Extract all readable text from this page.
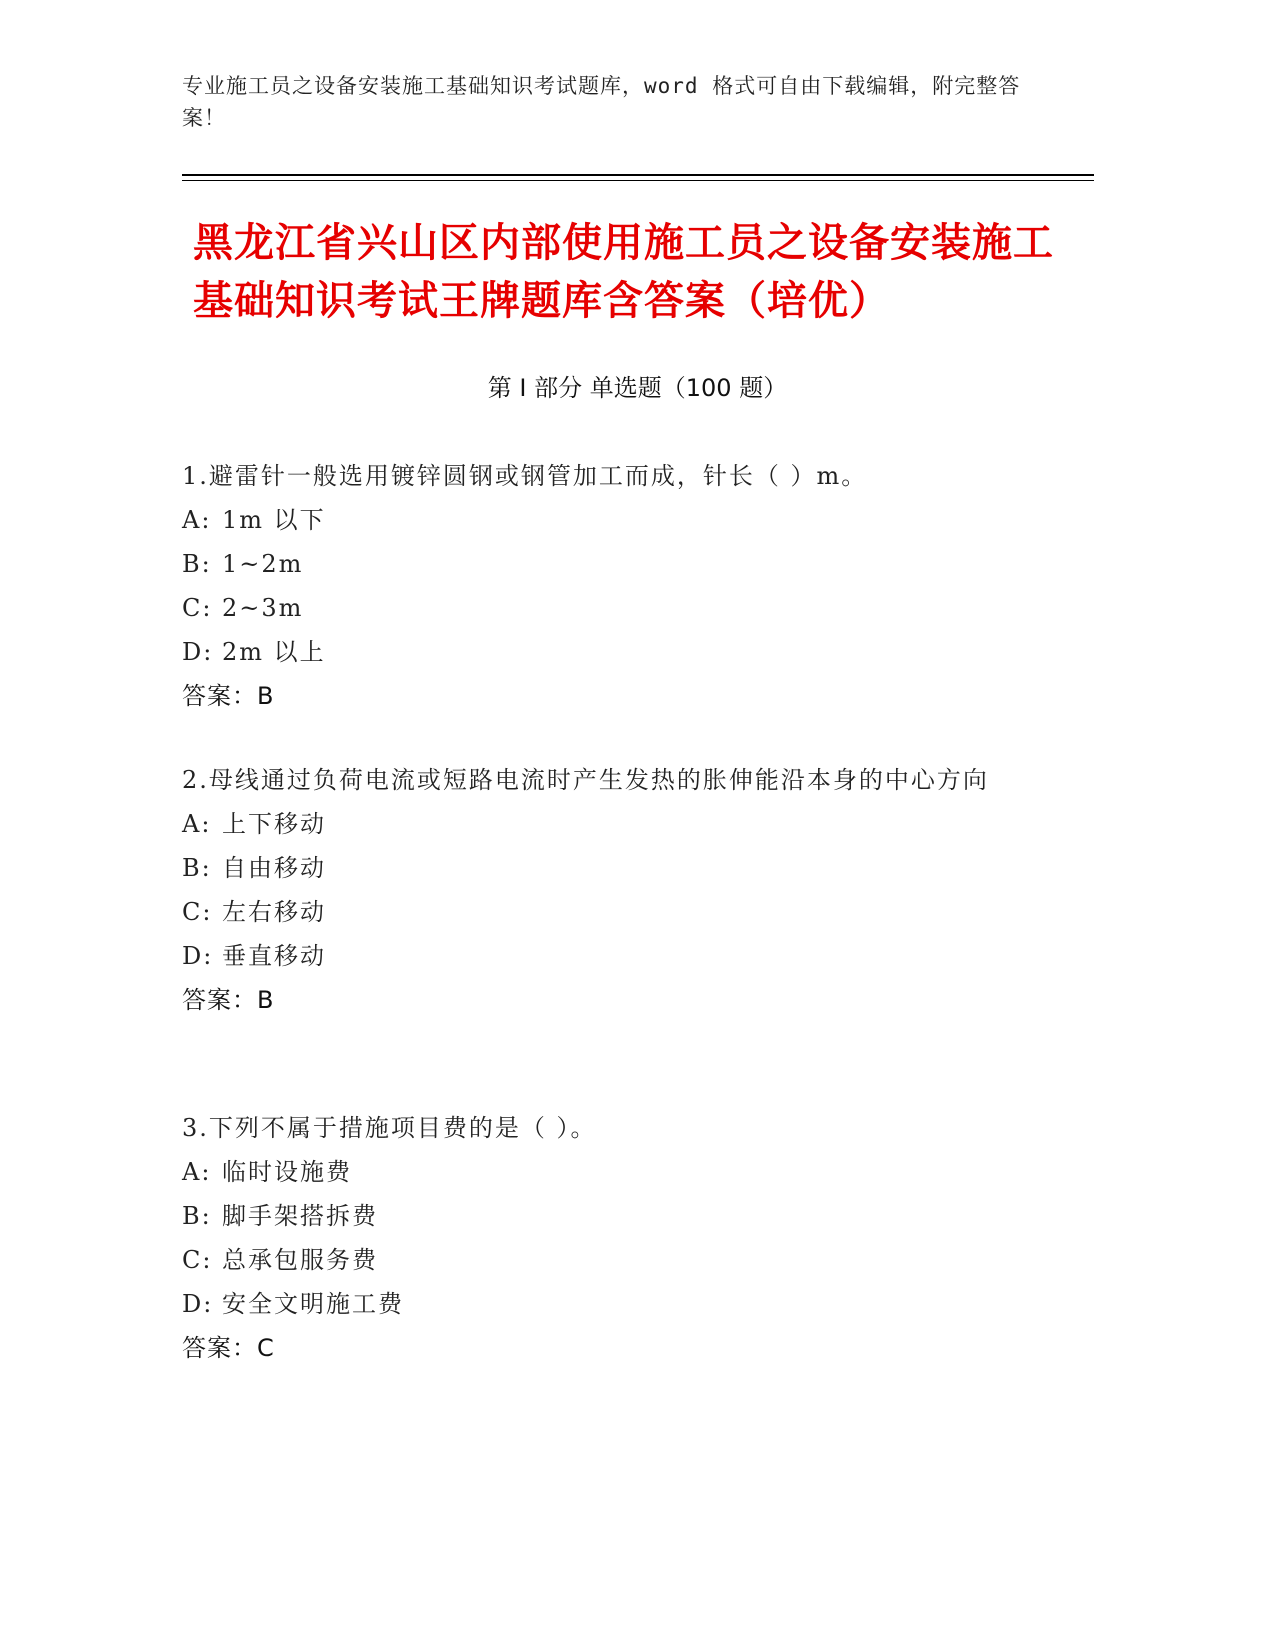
专业施工员之设备安装施工基础知识考试题库，word 格式可自由下载编辑，附完整答案！
黑龙江省兴山区内部使用施工员之设备安装施工基础知识考试王牌题库含答案（培优）
第 I 部分 单选题（100 题）

1.避雷针一般选用镀锌圆钢或钢管加工而成，针长（ ）m。

A: 1m 以下

B: 1~2m

C: 2~3m

D: 2m 以上

答案：B

2.母线通过负荷电流或短路电流时产生发热的胀伸能沿本身的中心方向

A: 上下移动

B: 自由移动

C: 左右移动

D: 垂直移动

答案：B

3.下列不属于措施项目费的是（ ）。

A: 临时设施费

B: 脚手架搭拆费

C: 总承包服务费

D: 安全文明施工费

答案：C
